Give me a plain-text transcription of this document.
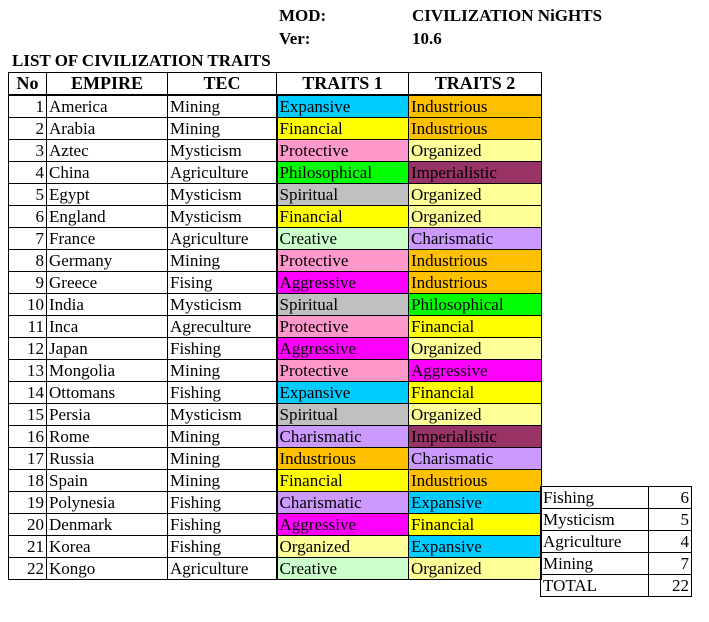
MOD:	CIVILIZATION NiGHTS
Ver:	10.6
LIST OF CIVILIZATION TRAITS
No	EMPIRE	TEC	TRAITS 1	TRAITS 2
1	America	Mining	Expansive	Industrious
2	Arabia	Mining	Financial	Industrious
3	Aztec	Mysticism	Protective	Organized
4	China	Agriculture	Philosophical	Imperialistic
5	Egypt	Mysticism	Spiritual	Organized
6	England	Mysticism	Financial	Organized
7	France	Agriculture	Creative	Charismatic
8	Germany	Mining	Protective	Industrious
9	Greece	Fising	Aggressive	Industrious
10	India	Mysticism	Spiritual	Philosophical
11	Inca	Agreculture	Protective	Financial
12	Japan	Fishing	Aggressive	Organized
13	Mongolia	Mining	Protective	Aggressive
14	Ottomans	Fishing	Expansive	Financial
15	Persia	Mysticism	Spiritual	Organized
16	Rome	Mining	Charismatic	Imperialistic
17	Russia	Mining	Industrious	Charismatic
18	Spain	Mining	Financial	Industrious
19	Polynesia	Fishing	Charismatic	Expansive
20	Denmark	Fishing	Aggressive	Financial
21	Korea	Fishing	Organized	Expansive
22	Kongo	Agriculture	Creative	Organized
Fishing	6
Mysticism	5
Agriculture	4
Mining	7
TOTAL	22
